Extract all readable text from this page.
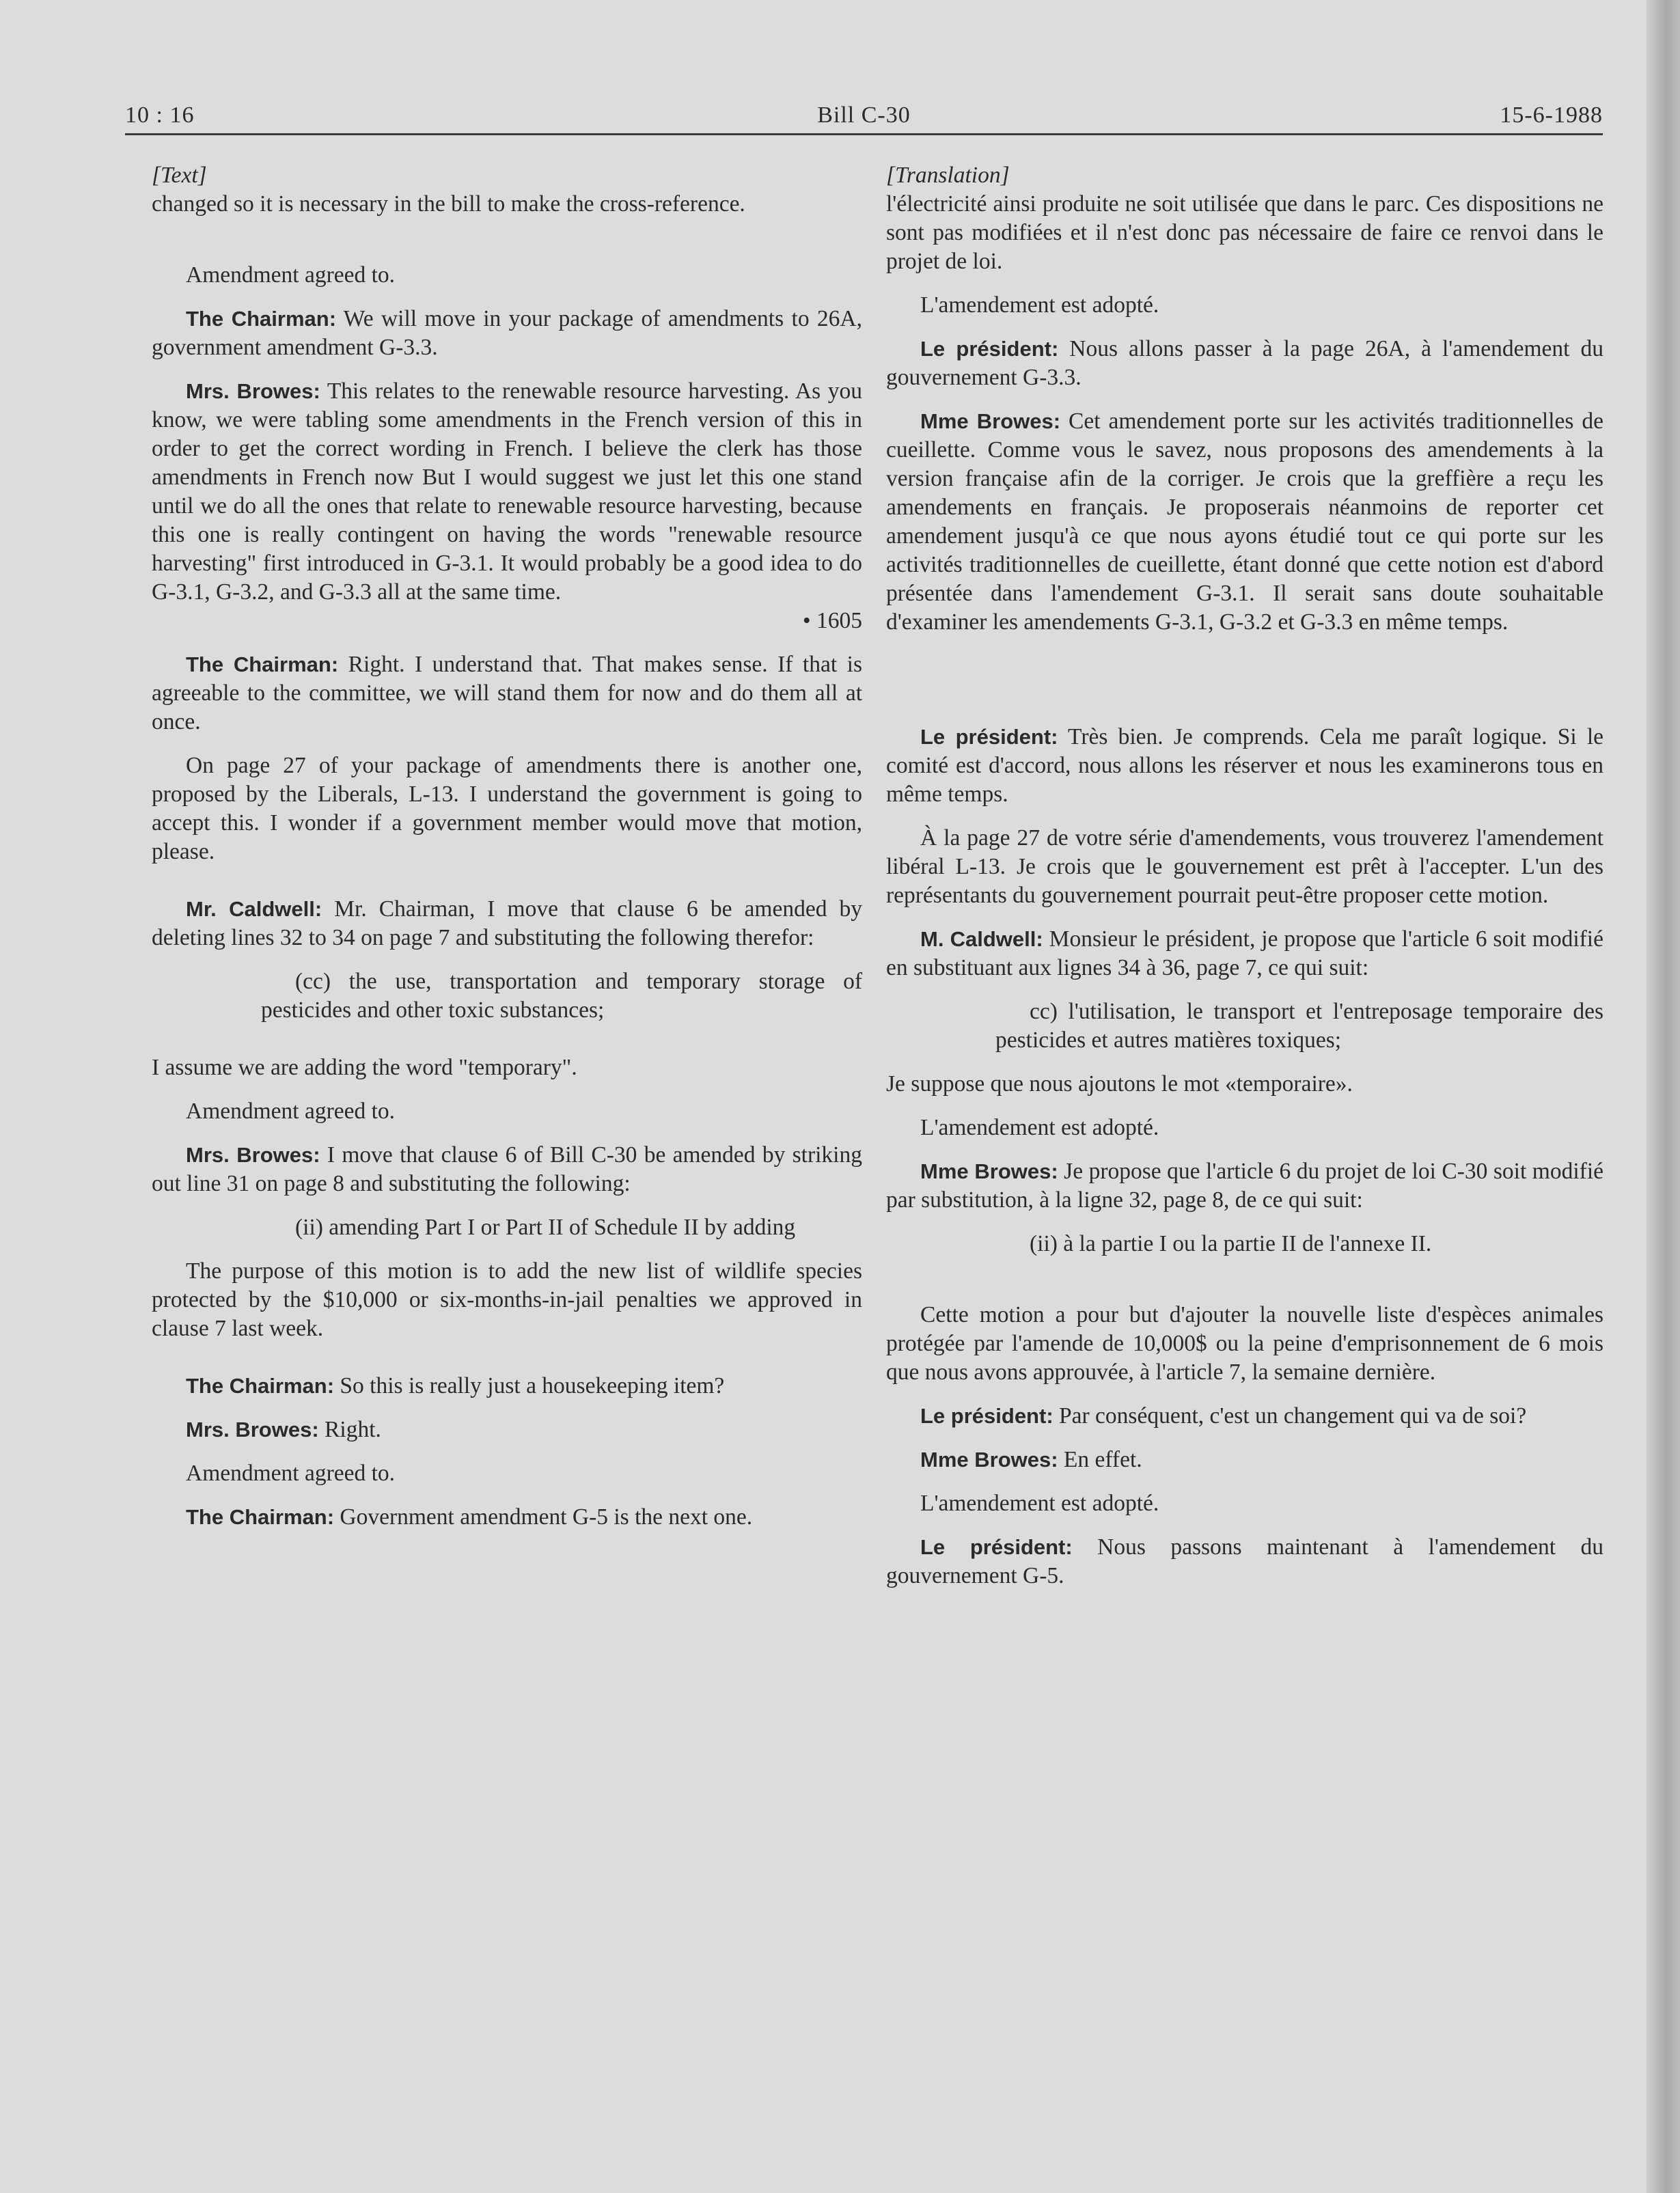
10 : 16	Bill C-30	15-6-1988

[Text]

changed so it is necessary in the bill to make the cross-reference.

Amendment agreed to.

The Chairman: We will move in your package of amendments to 26A, government amendment G-3.3.

Mrs. Browes: This relates to the renewable resource harvesting. As you know, we were tabling some amendments in the French version of this in order to get the correct wording in French. I believe the clerk has those amendments in French now But I would suggest we just let this one stand until we do all the ones that relate to renewable resource harvesting, because this one is really contingent on having the words "renewable resource harvesting" first introduced in G-3.1. It would probably be a good idea to do G-3.1, G-3.2, and G-3.3 all at the same time.

• 1605

The Chairman: Right. I understand that. That makes sense. If that is agreeable to the committee, we will stand them for now and do them all at once.

On page 27 of your package of amendments there is another one, proposed by the Liberals, L-13. I understand the government is going to accept this. I wonder if a government member would move that motion, please.

Mr. Caldwell: Mr. Chairman, I move that clause 6 be amended by deleting lines 32 to 34 on page 7 and substituting the following therefor:

(cc) the use, transportation and temporary storage of pesticides and other toxic substances;

I assume we are adding the word "temporary".

Amendment agreed to.

Mrs. Browes: I move that clause 6 of Bill C-30 be amended by striking out line 31 on page 8 and substituting the following:

(ii) amending Part I or Part II of Schedule II by adding

The purpose of this motion is to add the new list of wildlife species protected by the $10,000 or six-months-in-jail penalties we approved in clause 7 last week.

The Chairman: So this is really just a housekeeping item?

Mrs. Browes: Right.

Amendment agreed to.

The Chairman: Government amendment G-5 is the next one.

[Translation]

l'électricité ainsi produite ne soit utilisée que dans le parc. Ces dispositions ne sont pas modifiées et il n'est donc pas nécessaire de faire ce renvoi dans le projet de loi.

L'amendement est adopté.

Le président: Nous allons passer à la page 26A, à l'amendement du gouvernement G-3.3.

Mme Browes: Cet amendement porte sur les activités traditionnelles de cueillette. Comme vous le savez, nous proposons des amendements à la version française afin de la corriger. Je crois que la greffière a reçu les amendements en français. Je proposerais néanmoins de reporter cet amendement jusqu'à ce que nous ayons étudié tout ce qui porte sur les activités traditionnelles de cueillette, étant donné que cette notion est d'abord présentée dans l'amendement G-3.1. Il serait sans doute souhaitable d'examiner les amendements G-3.1, G-3.2 et G-3.3 en même temps.

Le président: Très bien. Je comprends. Cela me paraît logique. Si le comité est d'accord, nous allons les réserver et nous les examinerons tous en même temps.

À la page 27 de votre série d'amendements, vous trouverez l'amendement libéral L-13. Je crois que le gouvernement est prêt à l'accepter. L'un des représentants du gouvernement pourrait peut-être proposer cette motion.

M. Caldwell: Monsieur le président, je propose que l'article 6 soit modifié en substituant aux lignes 34 à 36, page 7, ce qui suit:

cc) l'utilisation, le transport et l'entreposage temporaire des pesticides et autres matières toxiques;

Je suppose que nous ajoutons le mot «temporaire».

L'amendement est adopté.

Mme Browes: Je propose que l'article 6 du projet de loi C-30 soit modifié par substitution, à la ligne 32, page 8, de ce qui suit:

(ii) à la partie I ou la partie II de l'annexe II.

Cette motion a pour but d'ajouter la nouvelle liste d'espèces animales protégée par l'amende de 10,000$ ou la peine d'emprisonnement de 6 mois que nous avons approuvée, à l'article 7, la semaine dernière.

Le président: Par conséquent, c'est un changement qui va de soi?

Mme Browes: En effet.

L'amendement est adopté.

Le président: Nous passons maintenant à l'amendement du gouvernement G-5.
